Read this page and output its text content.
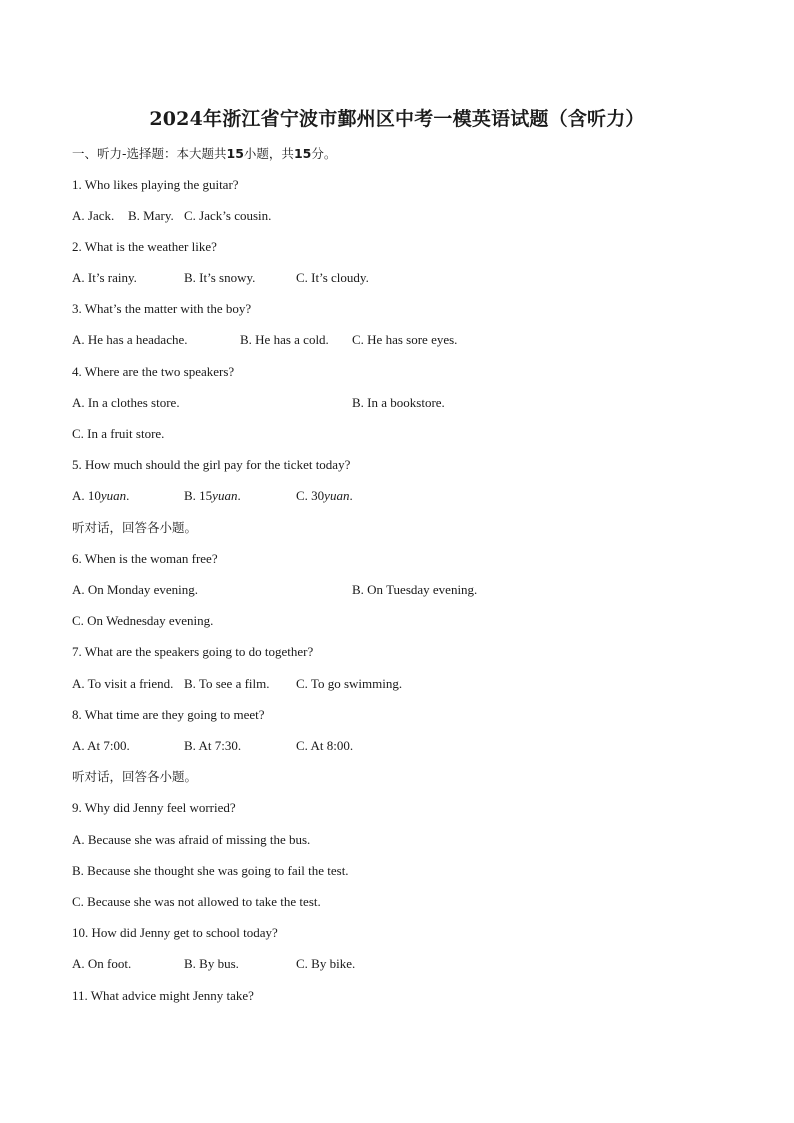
2024年浙江省宁波市鄞州区中考一模英语试题（含听力）
一、听力-选择题：本大题共15小题，共15分。
1. Who likes playing the guitar?
A. Jack. B. Mary. C. Jack’s cousin.
2. What is the weather like?
A. It’s rainy.	B. It’s snowy.	C. It’s cloudy.
3. What’s the matter with the boy?
A. He has a headache.	B. He has a cold. C. He has sore eyes.
4. Where are the two speakers?
A. In a clothes store.	B. In a bookstore.
C. In a fruit store.
5. How much should the girl pay for the ticket today?
A. 10yuan.	B. 15yuan.	C. 30yuan.
听对话，回答各小题。
6. When is the woman free?
A. On Monday evening.	B. On Tuesday evening.
C. On Wednesday evening.
7. What are the speakers going to do together?
A. To visit a friend. B. To see a film. C. To go swimming.
8. What time are they going to meet?
A. At 7:00.	B. At 7:30.	C. At 8:00.
听对话，回答各小题。
9. Why did Jenny feel worried?
A. Because she was afraid of missing the bus.
B. Because she thought she was going to fail the test.
C. Because she was not allowed to take the test.
10. How did Jenny get to school today?
A. On foot.	B. By bus.	C. By bike.
11. What advice might Jenny take?
